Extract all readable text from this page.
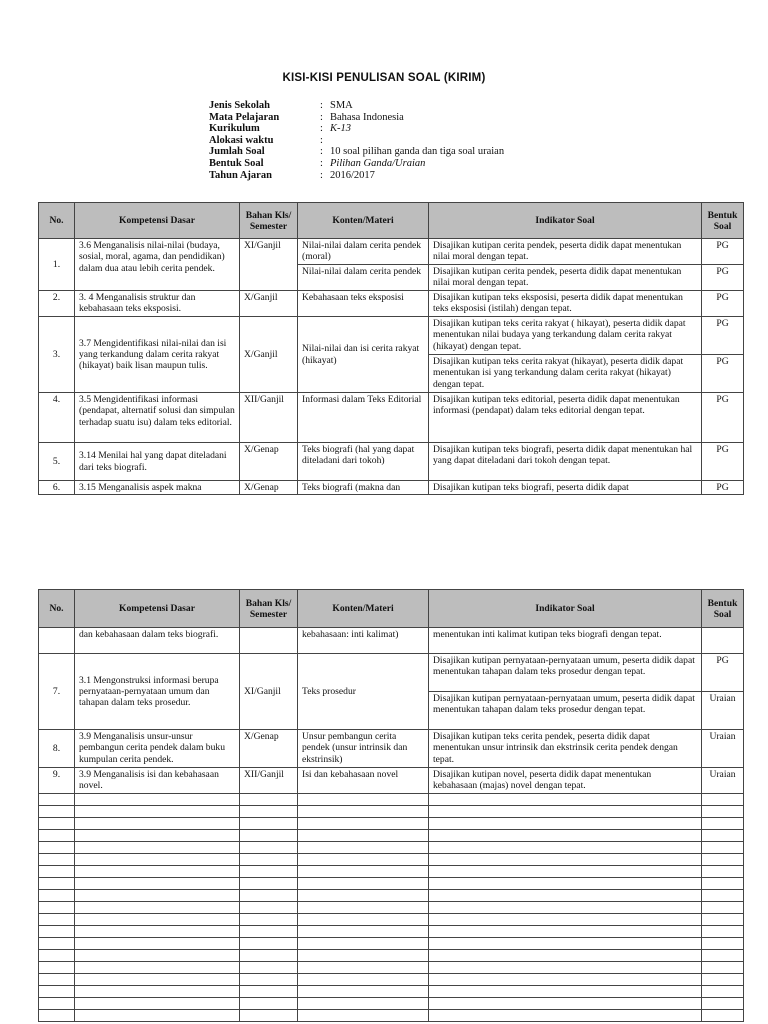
KISI-KISI PENULISAN SOAL (KIRIM)
Jenis Sekolah	: SMA
Mata Pelajaran	: Bahasa Indonesia
Kurikulum	: K-13
Alokasi waktu	:
Jumlah Soal	: 10 soal pilihan ganda dan tiga soal uraian
Bentuk Soal	: Pilihan Ganda/Uraian
Tahun Ajaran	: 2016/2017
No.	Kompetensi Dasar	Bahan Kls/ Semester	Konten/Materi	Indikator Soal	Bentuk Soal
1.	3.6 Menganalisis nilai-nilai (budaya, sosial, moral, agama, dan pendidikan) dalam dua atau lebih cerita pendek.	XI/Ganjil	Nilai-nilai dalam cerita pendek (moral)	Disajikan kutipan cerita pendek, peserta didik dapat menentukan nilai moral dengan tepat.	PG
			Nilai-nilai dalam cerita pendek	Disajikan kutipan cerita pendek, peserta didik dapat menentukan nilai moral dengan tepat.	PG
2.	3. 4 Menganalisis struktur dan kebahasaan teks eksposisi.	X/Ganjil	Kebahasaan teks eksposisi	Disajikan kutipan teks eksposisi, peserta didik dapat menentukan teks eksposisi (istilah) dengan tepat.	PG
3.	3.7 Mengidentifikasi nilai-nilai dan isi yang terkandung dalam cerita rakyat (hikayat) baik lisan maupun tulis.	X/Ganjil	Nilai-nilai dan isi cerita rakyat (hikayat)	Disajikan kutipan teks cerita rakyat ( hikayat), peserta didik dapat menentukan nilai budaya yang terkandung dalam cerita rakyat (hikayat) dengan tepat.	PG
				Disajikan kutipan teks cerita rakyat (hikayat), peserta didik dapat menentukan isi yang terkandung dalam cerita rakyat (hikayat) dengan tepat.	PG
4.	3.5 Mengidentifikasi informasi (pendapat, alternatif solusi dan simpulan terhadap suatu isu) dalam teks editorial.	XII/Ganjil	Informasi dalam Teks Editorial	Disajikan kutipan teks editorial, peserta didik dapat menentukan informasi (pendapat) dalam teks editorial dengan tepat.	PG
5.	3.14 Menilai hal yang dapat diteladani dari teks biografi.	X/Genap	Teks biografi (hal yang dapat diteladani dari tokoh)	Disajikan kutipan teks biografi, peserta didik dapat menentukan hal yang dapat diteladani dari tokoh dengan tepat.	PG
6.	3.15 Menganalisis aspek makna	X/Genap	Teks biografi (makna dan	Disajikan kutipan teks biografi, peserta didik dapat	PG
No.	Kompetensi Dasar	Bahan Kls/ Semester	Konten/Materi	Indikator Soal	Bentuk Soal
	dan kebahasaan dalam teks biografi.		kebahasaan: inti kalimat)	menentukan inti kalimat kutipan teks biografi dengan tepat.	
7.	3.1 Mengonstruksi informasi berupa pernyataan-pernyataan umum dan tahapan dalam teks prosedur.	XI/Ganjil	Teks prosedur	Disajikan kutipan pernyataan-pernyataan umum, peserta didik dapat menentukan tahapan dalam teks prosedur dengan tepat.	PG
				Disajikan kutipan pernyataan-pernyataan umum, peserta didik dapat menentukan tahapan dalam teks prosedur dengan tepat.	Uraian
8.	3.9 Menganalisis unsur-unsur pembangun cerita pendek dalam buku kumpulan cerita pendek.	X/Genap	Unsur pembangun cerita pendek (unsur intrinsik dan ekstrinsik)	Disajikan kutipan teks cerita pendek, peserta didik dapat menentukan unsur intrinsik dan ekstrinsik cerita pendek dengan tepat.	Uraian
9.	3.9 Menganalisis isi dan kebahasaan novel.	XII/Ganjil	Isi dan kebahasaan novel	Disajikan kutipan novel, peserta didik dapat menentukan kebahasaan (majas) novel dengan tepat.	Uraian
